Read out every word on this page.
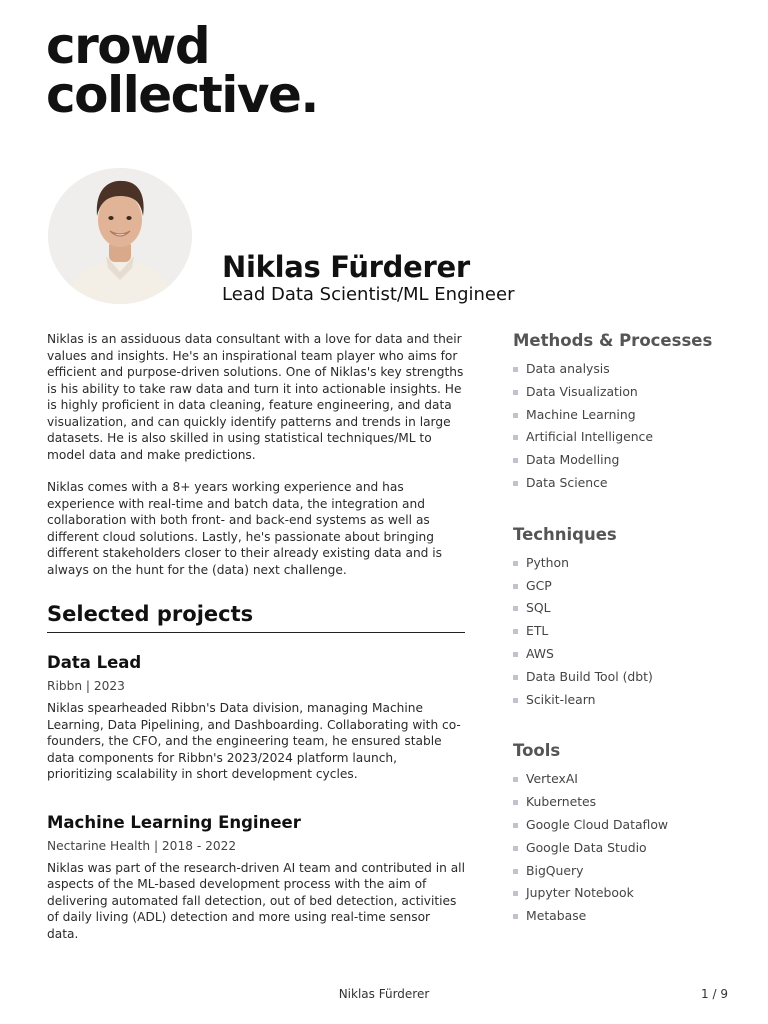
crowd
collective.
Niklas Fürderer
Lead Data Scientist/ML Engineer

Niklas is an assiduous data consultant with a love for data and their values and insights. He's an inspirational team player who aims for efficient and purpose-driven solutions. One of Niklas's key strengths is his ability to take raw data and turn it into actionable insights. He is highly proficient in data cleaning, feature engineering, and data visualization, and can quickly identify patterns and trends in large datasets. He is also skilled in using statistical techniques/ML to model data and make predictions.

Niklas comes with a 8+ years working experience and has experience with real-time and batch data, the integration and collaboration with both front- and back-end systems as well as different cloud solutions. Lastly, he's passionate about bringing different stakeholders closer to their already existing data and is always on the hunt for the (data) next challenge.

Selected projects
Data Lead
Ribbn | 2023
Niklas spearheaded Ribbn's Data division, managing Machine Learning, Data Pipelining, and Dashboarding. Collaborating with co-founders, the CFO, and the engineering team, he ensured stable data components for Ribbn's 2023/2024 platform launch, prioritizing scalability in short development cycles.
Machine Learning Engineer
Nectarine Health | 2018 - 2022
Niklas was part of the research-driven AI team and contributed in all aspects of the ML-based development process with the aim of delivering automated fall detection, out of bed detection, activities of daily living (ADL) detection and more using real-time sensor data.
Methods & Processes
Data analysis
Data Visualization
Machine Learning
Artificial Intelligence
Data Modelling
Data Science
Techniques
Python
GCP
SQL
ETL
AWS
Data Build Tool (dbt)
Scikit-learn
Tools
VertexAI
Kubernetes
Google Cloud Dataflow
Google Data Studio
BigQuery
Jupyter Notebook
Metabase
Niklas Fürderer	1 / 9
